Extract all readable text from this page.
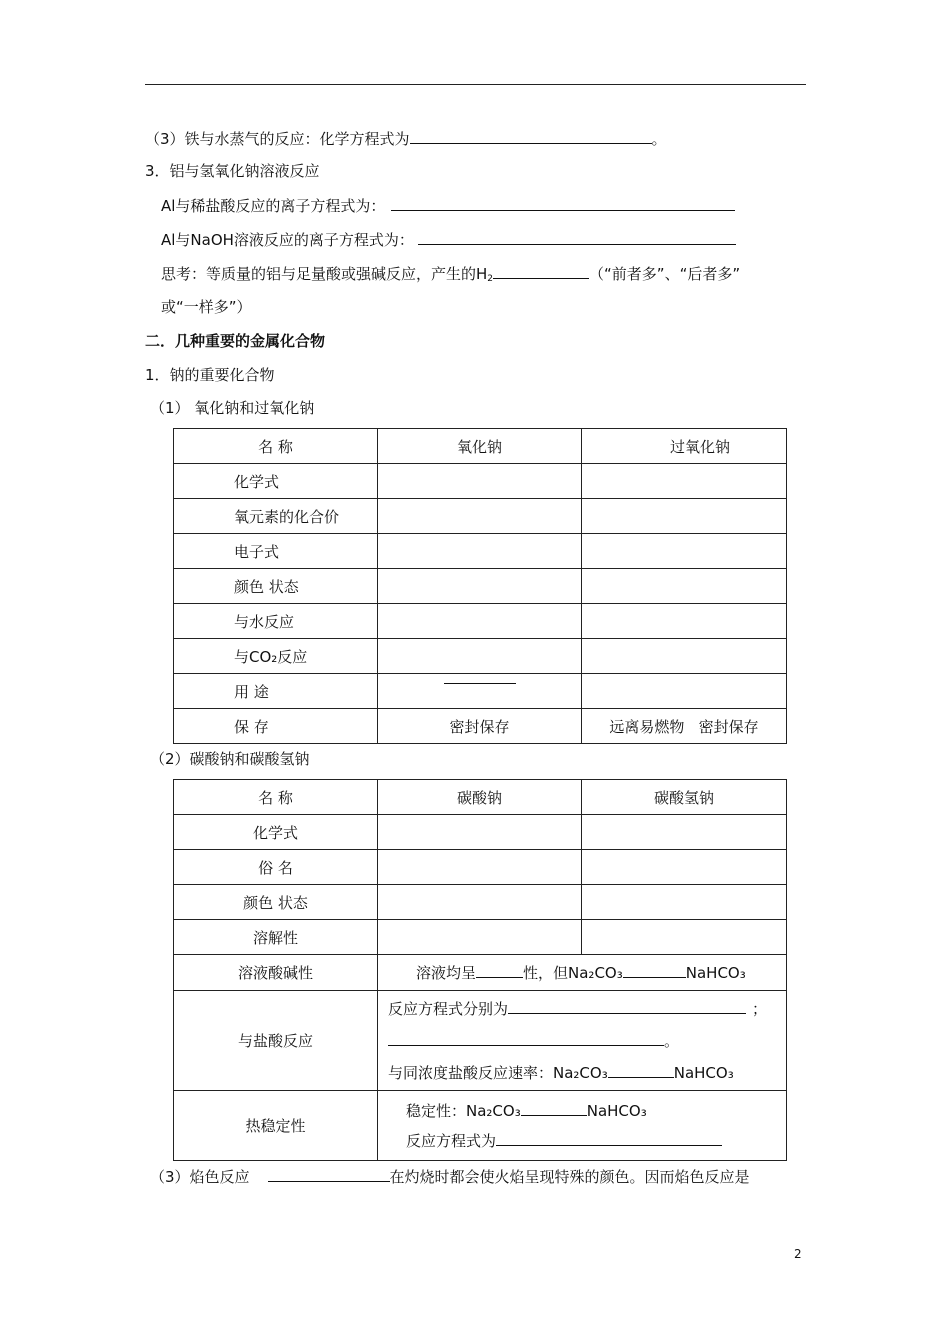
（3）铁与水蒸气的反应：化学方程式为	。
3．铝与氢氧化钠溶液反应
Al与稀盐酸反应的离子方程式为：
Al与NaOH溶液反应的离子方程式为：
思考：等质量的铝与足量酸或强碱反应，产生的$H_2$	（“前者多”、“后者多”
或“一样多”）
二．几种重要的金属化合物
1．钠的重要化合物
（1） 氧化钠和过氧化钠
名 称	氧化钠	过氧化钠
化学式		
氧元素的化合价		
电子式		
颜色 状态		
与水反应		
与CO₂反应		
用 途	

保 存	密封保存	远离易燃物   密封保存
（2）碳酸钠和碳酸氢钠
名 称	碳酸钠	碳酸氢钠
化学式		
俗 名		
颜色 状态		
溶解性		
溶液酸碱性	溶液均呈 性，但Na₂CO₃ NaHCO₃	
与盐酸反应	反应方程式分别为 ；
。
与同浓度盐酸反应速率：Na₂CO₃ NaHCO₃	

热稳定性	稳定性：Na₂CO₃ NaHCO₃
反应方程式为	
（3）焰色反应	在灼烧时都会使火焰呈现特殊的颜色。因而焰色反应是
2
